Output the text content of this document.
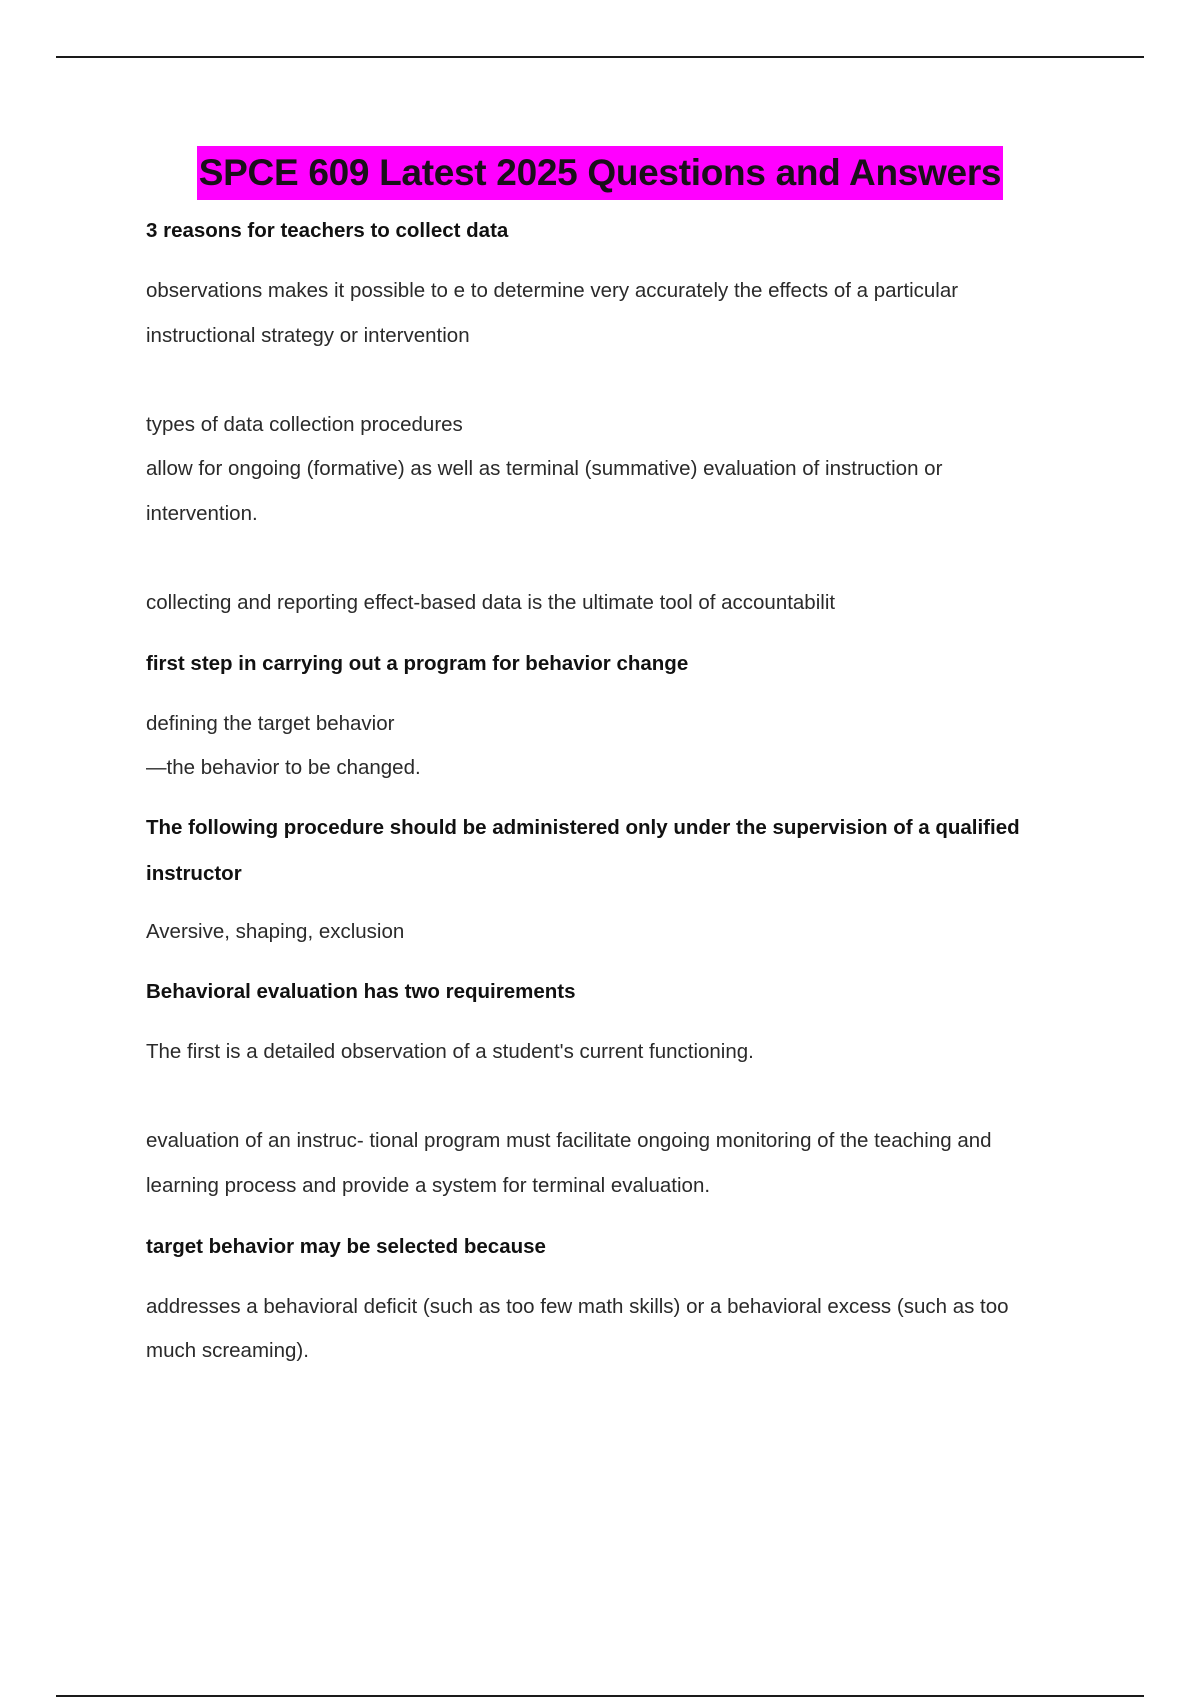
SPCE 609 Latest 2025 Questions and Answers
3 reasons for teachers to collect data
observations makes it possible to e to determine very accurately the effects of a particular
instructional strategy or intervention
types of data collection procedures
allow for ongoing (formative) as well as terminal (summative) evaluation of instruction or
intervention.
collecting and reporting effect-based data is the ultimate tool of accountabilit
first step in carrying out a program for behavior change
defining the target behavior
—the behavior to be changed.
The following procedure should be administered only under the supervision of a qualified
instructor
Aversive, shaping, exclusion
Behavioral evaluation has two requirements
The first is a detailed observation of a student's current functioning.
evaluation of an instruc- tional program must facilitate ongoing monitoring of the teaching and
learning process and provide a system for terminal evaluation.
target behavior may be selected because
addresses a behavioral deficit (such as too few math skills) or a behavioral excess (such as too
much screaming).
